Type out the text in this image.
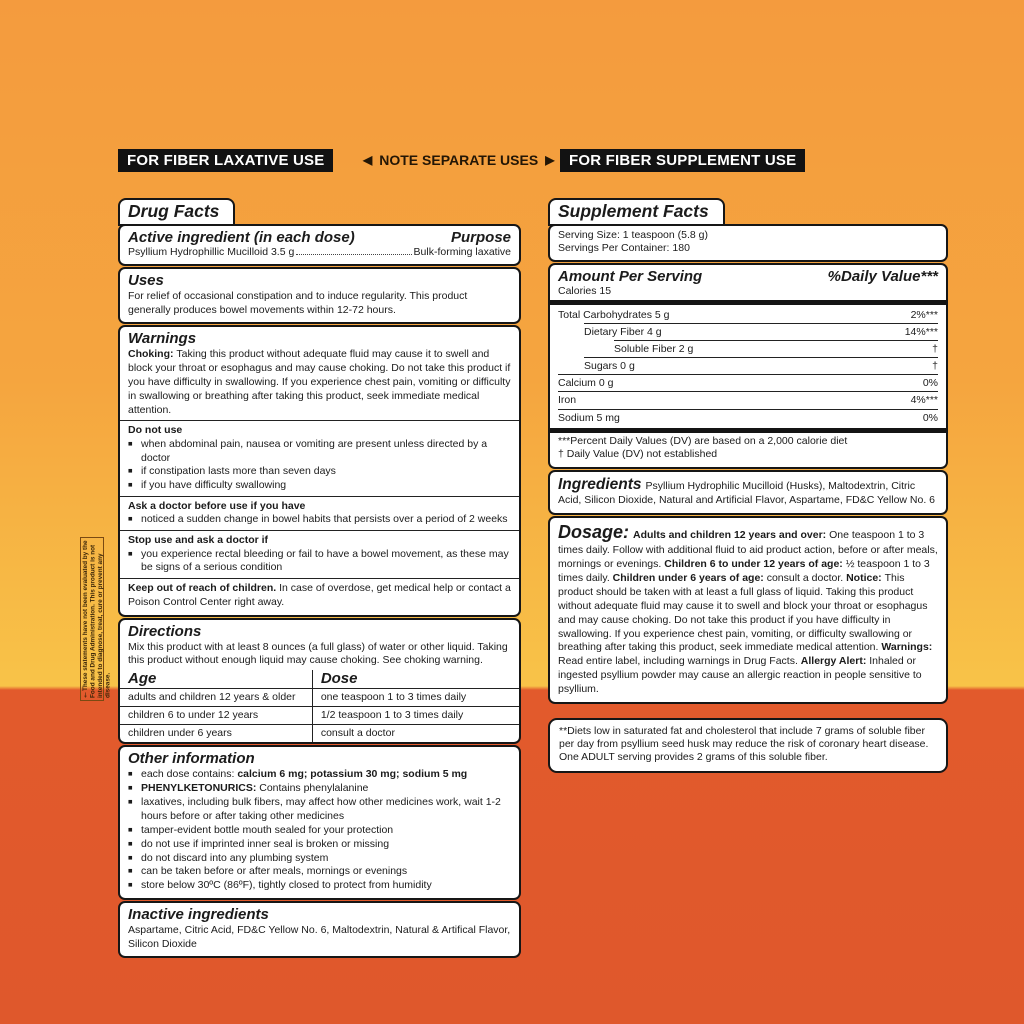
FOR FIBER LAXATIVE USE	◀ NOTE SEPARATE USES ▶ FOR FIBER SUPPLEMENT USE
†These statements have not been evaluated by the Food and Drug Administration. This product is not intended to diagnose, treat, cure or prevent any disease.
Drug Facts
Active ingredient (in each dose)	Purpose
Psyllium Hydrophillic Mucilloid 3.5 g	Bulk-forming laxative
Uses
For relief of occasional constipation and to induce regularity. This product generally produces bowel movements within 12-72 hours.
Warnings
Choking: Taking this product without adequate fluid may cause it to swell and block your throat or esophagus and may cause choking. Do not take this product if you have difficulty in swallowing. If you experience chest pain, vomiting or difficulty in swallowing or breathing after taking this product, seek immediate medical attention.
Do not use
■ when abdominal pain, nausea or vomiting are present unless directed by a doctor
■ if constipation lasts more than seven days
■ if you have difficulty swallowing
Ask a doctor before use if you have
■ noticed a sudden change in bowel habits that persists over a period of 2 weeks
Stop use and ask a doctor if
■ you experience rectal bleeding or fail to have a bowel movement, as these may be signs of a serious condition
Keep out of reach of children. In case of overdose, get medical help or contact a Poison Control Center right away.
Directions
Mix this product with at least 8 ounces (a full glass) of water or other liquid. Taking this product without enough liquid may cause choking. See choking warning.
Age	Dose
adults and children 12 years & older	one teaspoon 1 to 3 times daily
children 6 to under 12 years	1/2 teaspoon 1 to 3 times daily
children under 6 years	consult a doctor
Other information
■ each dose contains: calcium 6 mg; potassium 30 mg; sodium 5 mg
■ PHENYLKETONURICS: Contains phenylalanine
■ laxatives, including bulk fibers, may affect how other medicines work, wait 1-2 hours before or after taking other medicines
■ tamper-evident bottle mouth sealed for your protection
■ do not use if imprinted inner seal is broken or missing
■ do not discard into any plumbing system
■ can be taken before or after meals, mornings or evenings
■ store below 30ºC (86ºF), tightly closed to protect from humidity
Inactive ingredients
Aspartame, Citric Acid, FD&C Yellow No. 6, Maltodextrin, Natural & Artifical Flavor, Silicon Dioxide
Supplement Facts
Serving Size: 1 teaspoon (5.8 g)
Servings Per Container: 180
Amount Per Serving	%Daily Value***
Calories 15
Total Carbohydrates 5 g	2%***
Dietary Fiber 4 g	14%***
Soluble Fiber 2 g	†
Sugars 0 g	†
Calcium 0 g	0%
Iron	4%***
Sodium 5 mg	0%
***Percent Daily Values (DV) are based on a 2,000 calorie diet
† Daily Value (DV) not established

Ingredients Psyllium Hydrophilic Mucilloid (Husks), Maltodextrin, Citric Acid, Silicon Dioxide, Natural and Artificial Flavor, Aspartame, FD&C Yellow No. 6

Dosage: Adults and children 12 years and over: One teaspoon 1 to 3 times daily. Follow with additional fluid to aid product action, before or after meals, mornings or evenings. Children 6 to under 12 years of age: ½ teaspoon 1 to 3 times daily. Children under 6 years of age: consult a doctor. Notice: This product should be taken with at least a full glass of liquid. Taking this product without adequate fluid may cause it to swell and block your throat or esophagus and may cause choking. Do not take this product if you have difficulty in swallowing. If you experience chest pain, vomiting, or difficulty swallowing or breathing after taking this product, seek immediate medical attention. Warnings: Read entire label, including warnings in Drug Facts. Allergy Alert: Inhaled or ingested psyllium powder may cause an allergic reaction in people sensitive to psyllium.

**Diets low in saturated fat and cholesterol that include 7 grams of soluble fiber per day from psyllium seed husk may reduce the risk of coronary heart disease. One ADULT serving provides 2 grams of this soluble fiber.
